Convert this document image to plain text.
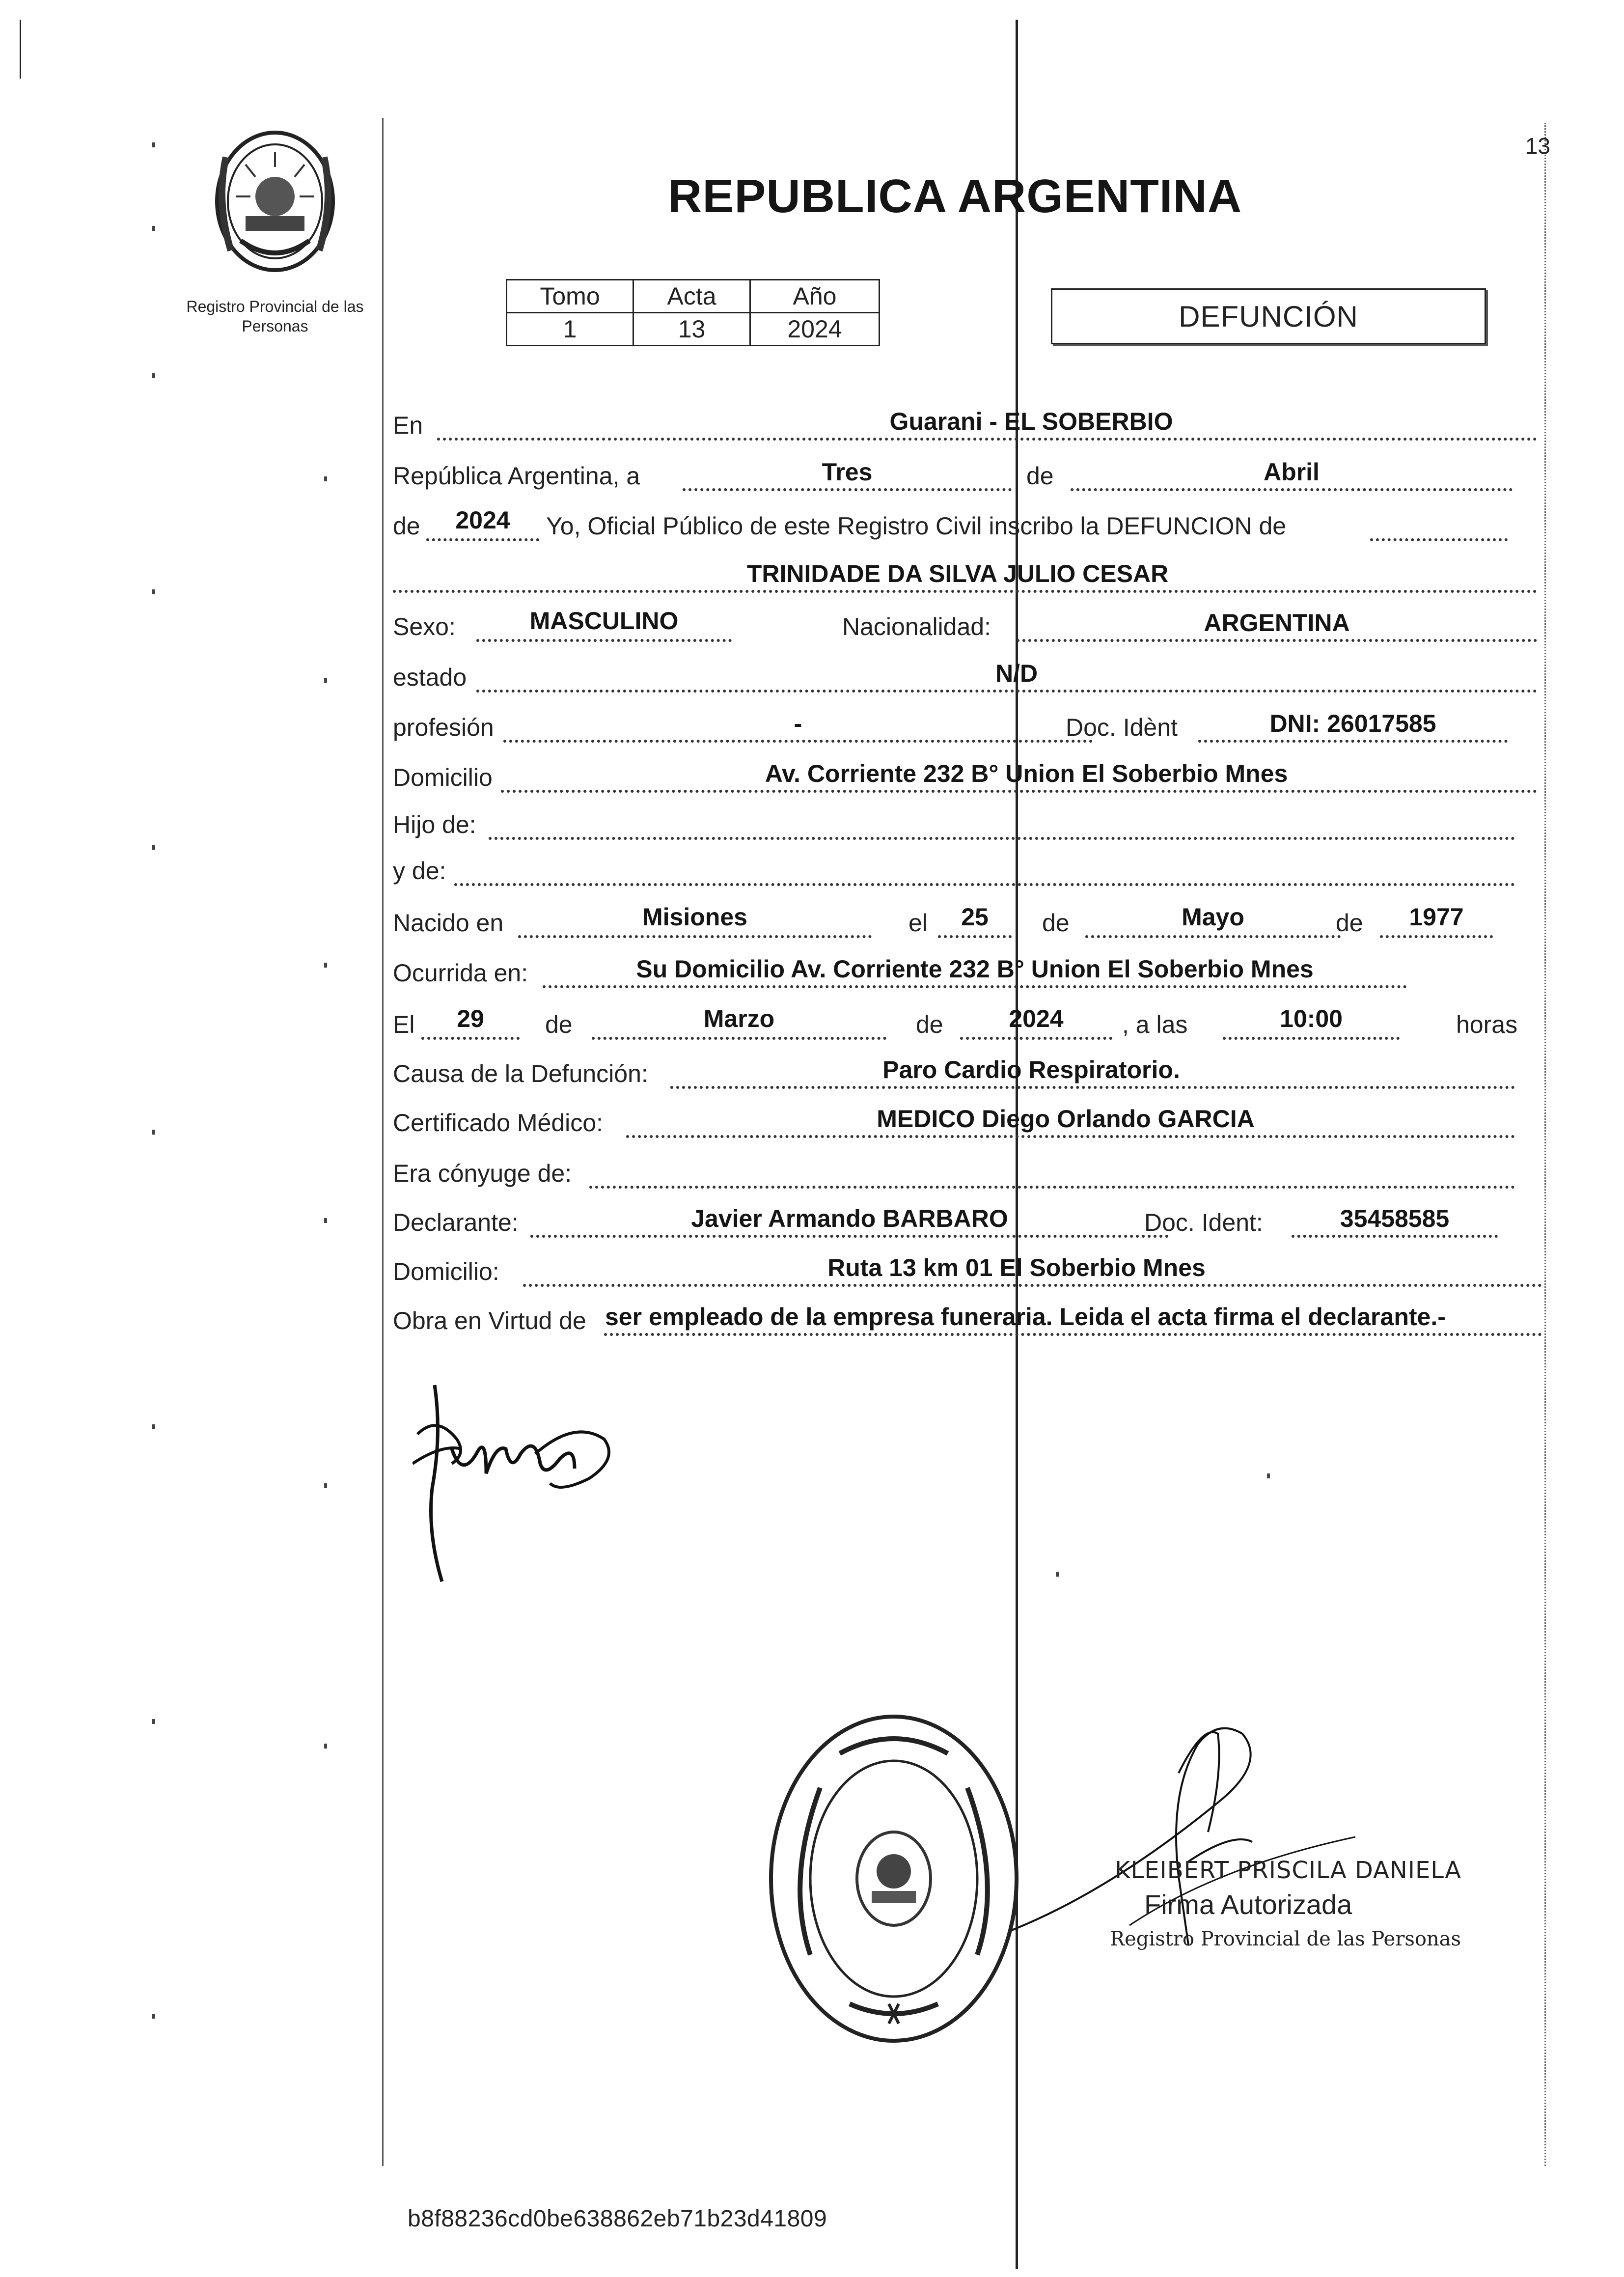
Registro Provincial de las Personas
13
REPUBLICA ARGENTINA
Tomo	Acta	Año
1	13	2024	DEFUNCIÓN
En	Guarani - EL SOBERBIO
República Argentina, a	Tres	de	Abril
de	2024	Yo, Oficial Público de este Registro Civil inscribo la DEFUNCION de
TRINIDADE DA SILVA JULIO CESAR
Sexo:	MASCULINO	Nacionalidad:	ARGENTINA
estado	N/D
profesión	-	Doc. Idènt	DNI: 26017585
Domicilio	Av. Corriente 232 B° Union El Soberbio Mnes
Hijo de:
y de:
Nacido en	Misiones	el	25	de	Mayo	de	1977
Ocurrida en:	Su Domicilio Av. Corriente 232 B° Union El Soberbio Mnes
El	29	de	Marzo	de	2024	, a las	10:00	horas
Causa de la Defunción:	Paro Cardio Respiratorio.
Certificado Médico:	MEDICO Diego Orlando GARCIA
Era cónyuge de:
Declarante:	Javier Armando BARBARO	Doc. Ident:	35458585
Domicilio:	Ruta 13 km 01 El Soberbio Mnes
Obra en Virtud de ser empleado de la empresa funeraria. Leida el acta firma el declarante.-
KLEIBERT PRISCILA DANIELA
Firma Autorizada
Registro Provincial de las Personas
b8f88236cd0be638862eb71b23d41809
